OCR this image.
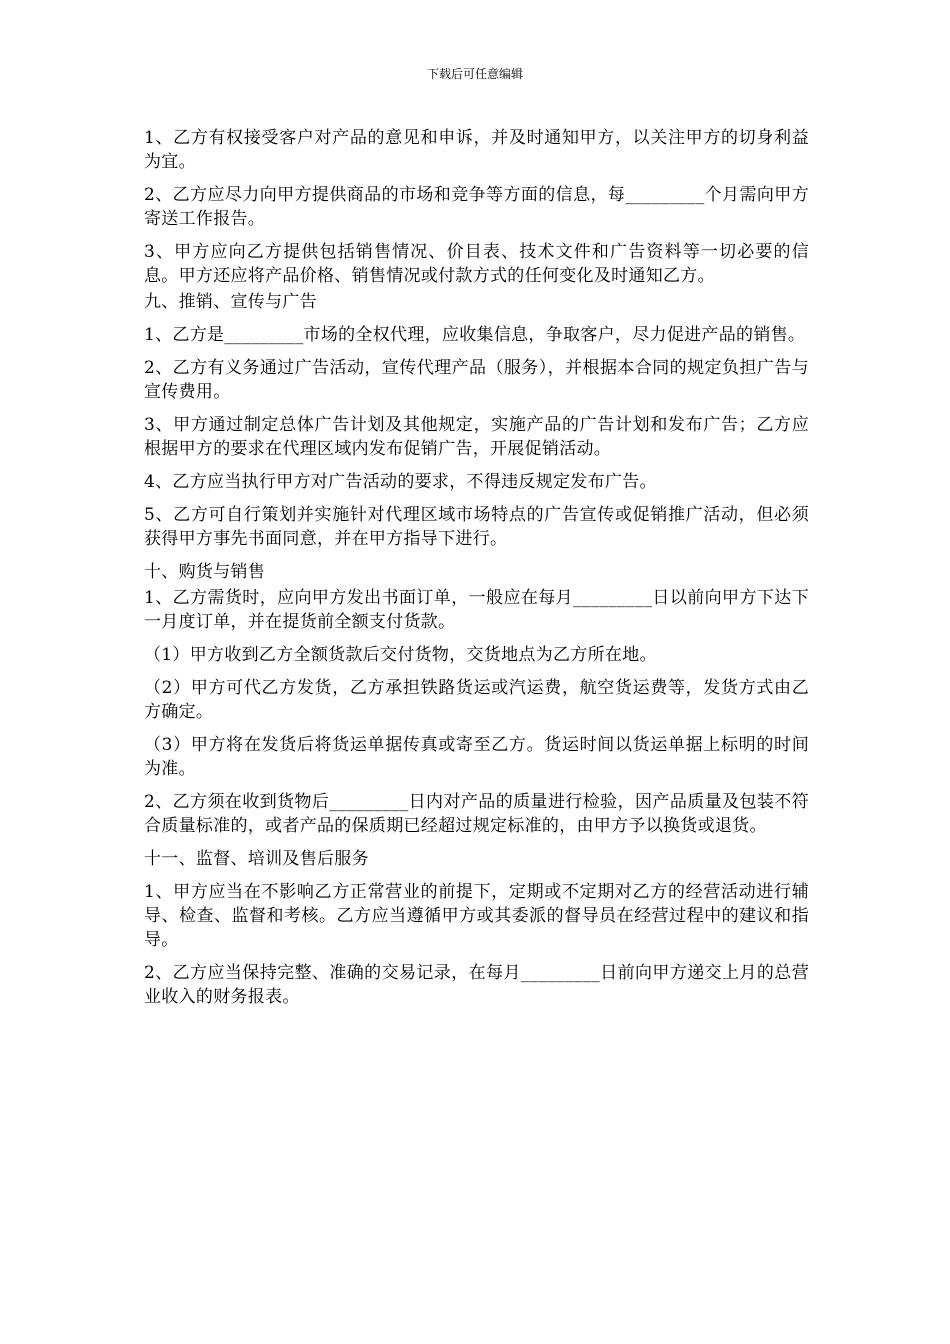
下载后可任意编辑

1、乙方有权接受客户对产品的意见和申诉，并及时通知甲方，以关注甲方的切身利益为宜。

2、乙方应尽力向甲方提供商品的市场和竞争等方面的信息，每_________个月需向甲方寄送工作报告。

3、甲方应向乙方提供包括销售情况、价目表、技术文件和广告资料等一切必要的信息。甲方还应将产品价格、销售情况或付款方式的任何变化及时通知乙方。

九、推销、宣传与广告

1、乙方是_________市场的全权代理，应收集信息，争取客户，尽力促进产品的销售。

2、乙方有义务通过广告活动，宣传代理产品（服务），并根据本合同的规定负担广告与宣传费用。

3、甲方通过制定总体广告计划及其他规定，实施产品的广告计划和发布广告；乙方应根据甲方的要求在代理区域内发布促销广告，开展促销活动。

4、乙方应当执行甲方对广告活动的要求，不得违反规定发布广告。

5、乙方可自行策划并实施针对代理区域市场特点的广告宣传或促销推广活动，但必须获得甲方事先书面同意，并在甲方指导下进行。

十、购货与销售

1、乙方需货时，应向甲方发出书面订单，一般应在每月_________日以前向甲方下达下一月度订单，并在提货前全额支付货款。

（1）甲方收到乙方全额货款后交付货物，交货地点为乙方所在地。

（2）甲方可代乙方发货，乙方承担铁路货运或汽运费，航空货运费等，发货方式由乙方确定。

（3）甲方将在发货后将货运单据传真或寄至乙方。货运时间以货运单据上标明的时间为准。

2、乙方须在收到货物后_________日内对产品的质量进行检验，因产品质量及包装不符合质量标准的，或者产品的保质期已经超过规定标准的，由甲方予以换货或退货。

十一、监督、培训及售后服务

1、甲方应当在不影响乙方正常营业的前提下，定期或不定期对乙方的经营活动进行辅导、检查、监督和考核。乙方应当遵循甲方或其委派的督导员在经营过程中的建议和指导。

2、乙方应当保持完整、准确的交易记录，在每月_________日前向甲方递交上月的总营业收入的财务报表。
